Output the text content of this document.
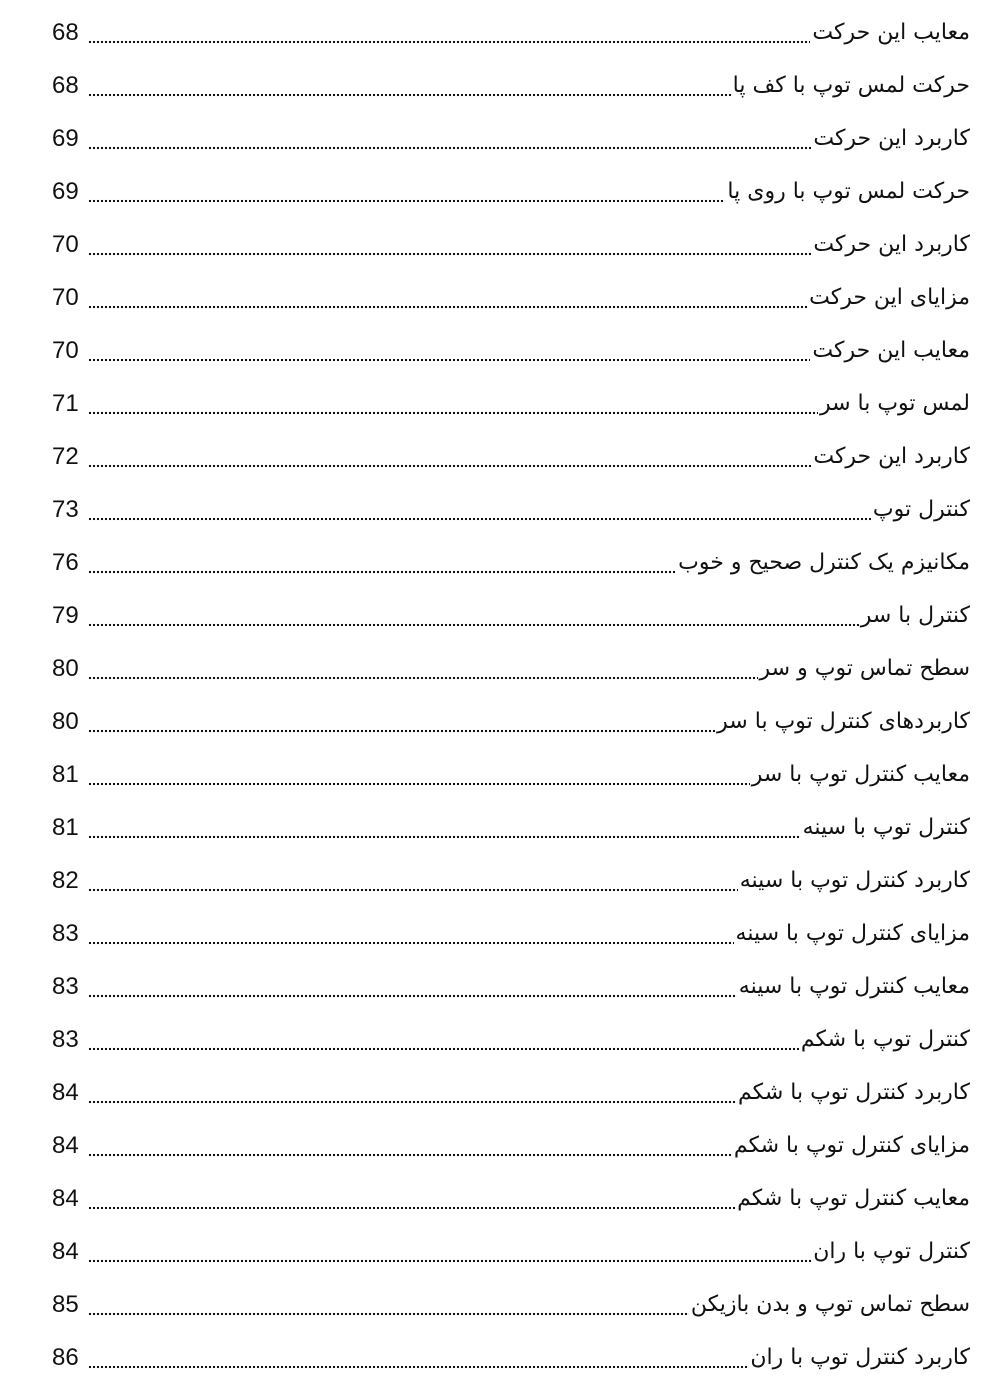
معایب این حرکت
68
حرکت لمس توپ با کف پا
68
کاربرد این حرکت
69
حرکت لمس توپ با روی پا
69
کاربرد این حرکت
70
مزایای این حرکت
70
معایب این حرکت
70
لمس توپ با سر
71
کاربرد این حرکت
72
کنترل توپ
73
مکانیزم یک کنترل صحیح و خوب
76
کنترل با سر
79
سطح تماس توپ و سر
80
کاربردهای کنترل توپ با سر
80
معایب کنترل توپ با سر
81
کنترل توپ با سینه
81
کاربرد کنترل توپ با سینه
82
مزایای کنترل توپ با سینه
83
معایب کنترل توپ با سینه
83
کنترل توپ با شکم
83
کاربرد کنترل توپ با شکم
84
مزایای کنترل توپ با شکم
84
معایب کنترل توپ با شکم
84
کنترل توپ با ران
84
سطح تماس توپ و بدن بازیکن
85
کاربرد کنترل توپ با ران
86
